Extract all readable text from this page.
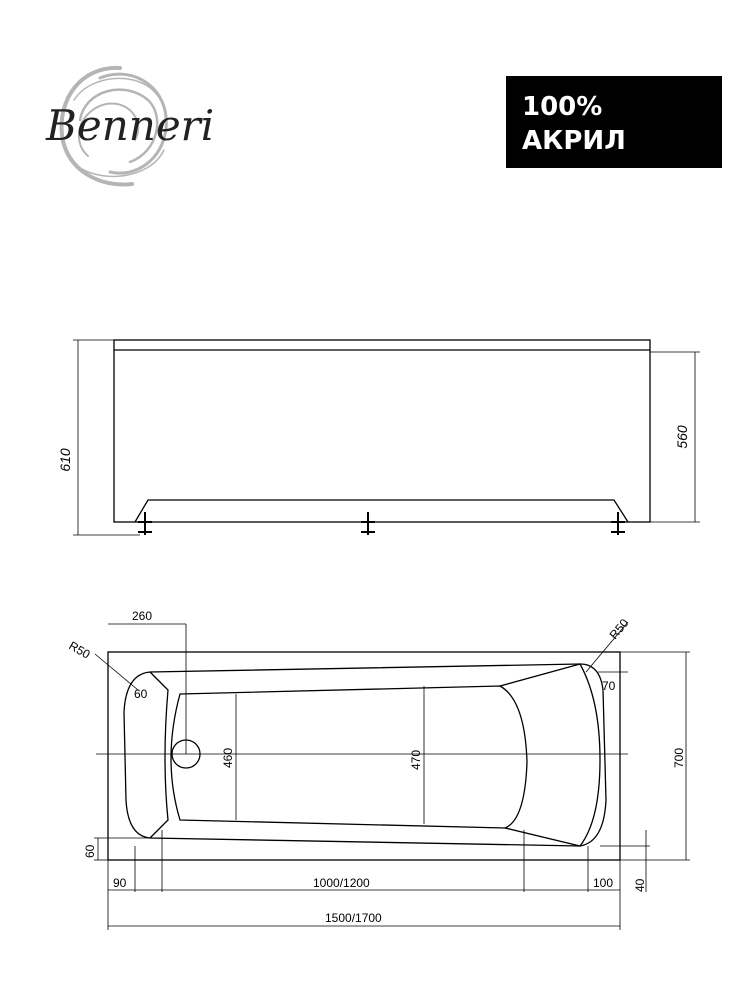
Benneri	100%
АКРИЛ
610
560
260
R50
R50
60
70
460	470	700
60
90	1000/1200	100 40
1500/1700
